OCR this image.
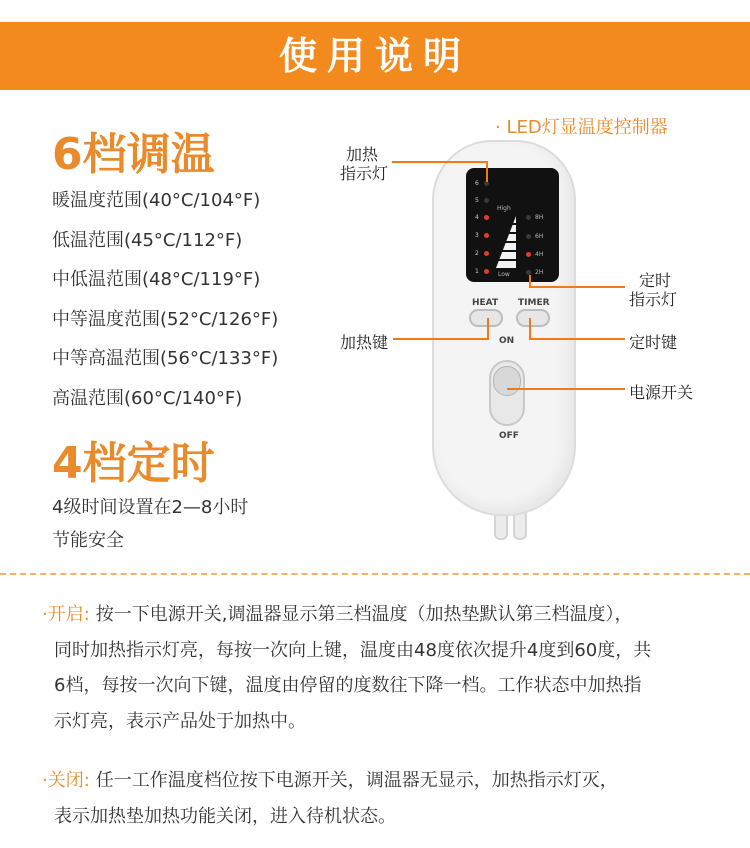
使用说明
6档调温
暖温度范围(40°C/104°F)
低温范围(45°C/112°F)
中低温范围(48°C/119°F)
中等温度范围(52°C/126°F)
中等高温范围(56°C/133°F)
高温范围(60°C/140°F)
4档定时
4级时间设置在2—8小时
节能安全
· LED灯显温度控制器
6
5
4
3
2
1
High
Low
8H
6H
4H
2H
HEAT TIMER
ON
OFF
加热
指示灯
定时
指示灯
加热键	定时键
电源开关
·开启: 按一下电源开关,调温器显示第三档温度（加热垫默认第三档温度），
同时加热指示灯亮，每按一次向上键，温度由48度依次提升4度到60度，共
6档，每按一次向下键，温度由停留的度数往下降一档。工作状态中加热指
示灯亮，表示产品处于加热中。
·关闭: 任一工作温度档位按下电源开关，调温器无显示，加热指示灯灭，
表示加热垫加热功能关闭，进入待机状态。
